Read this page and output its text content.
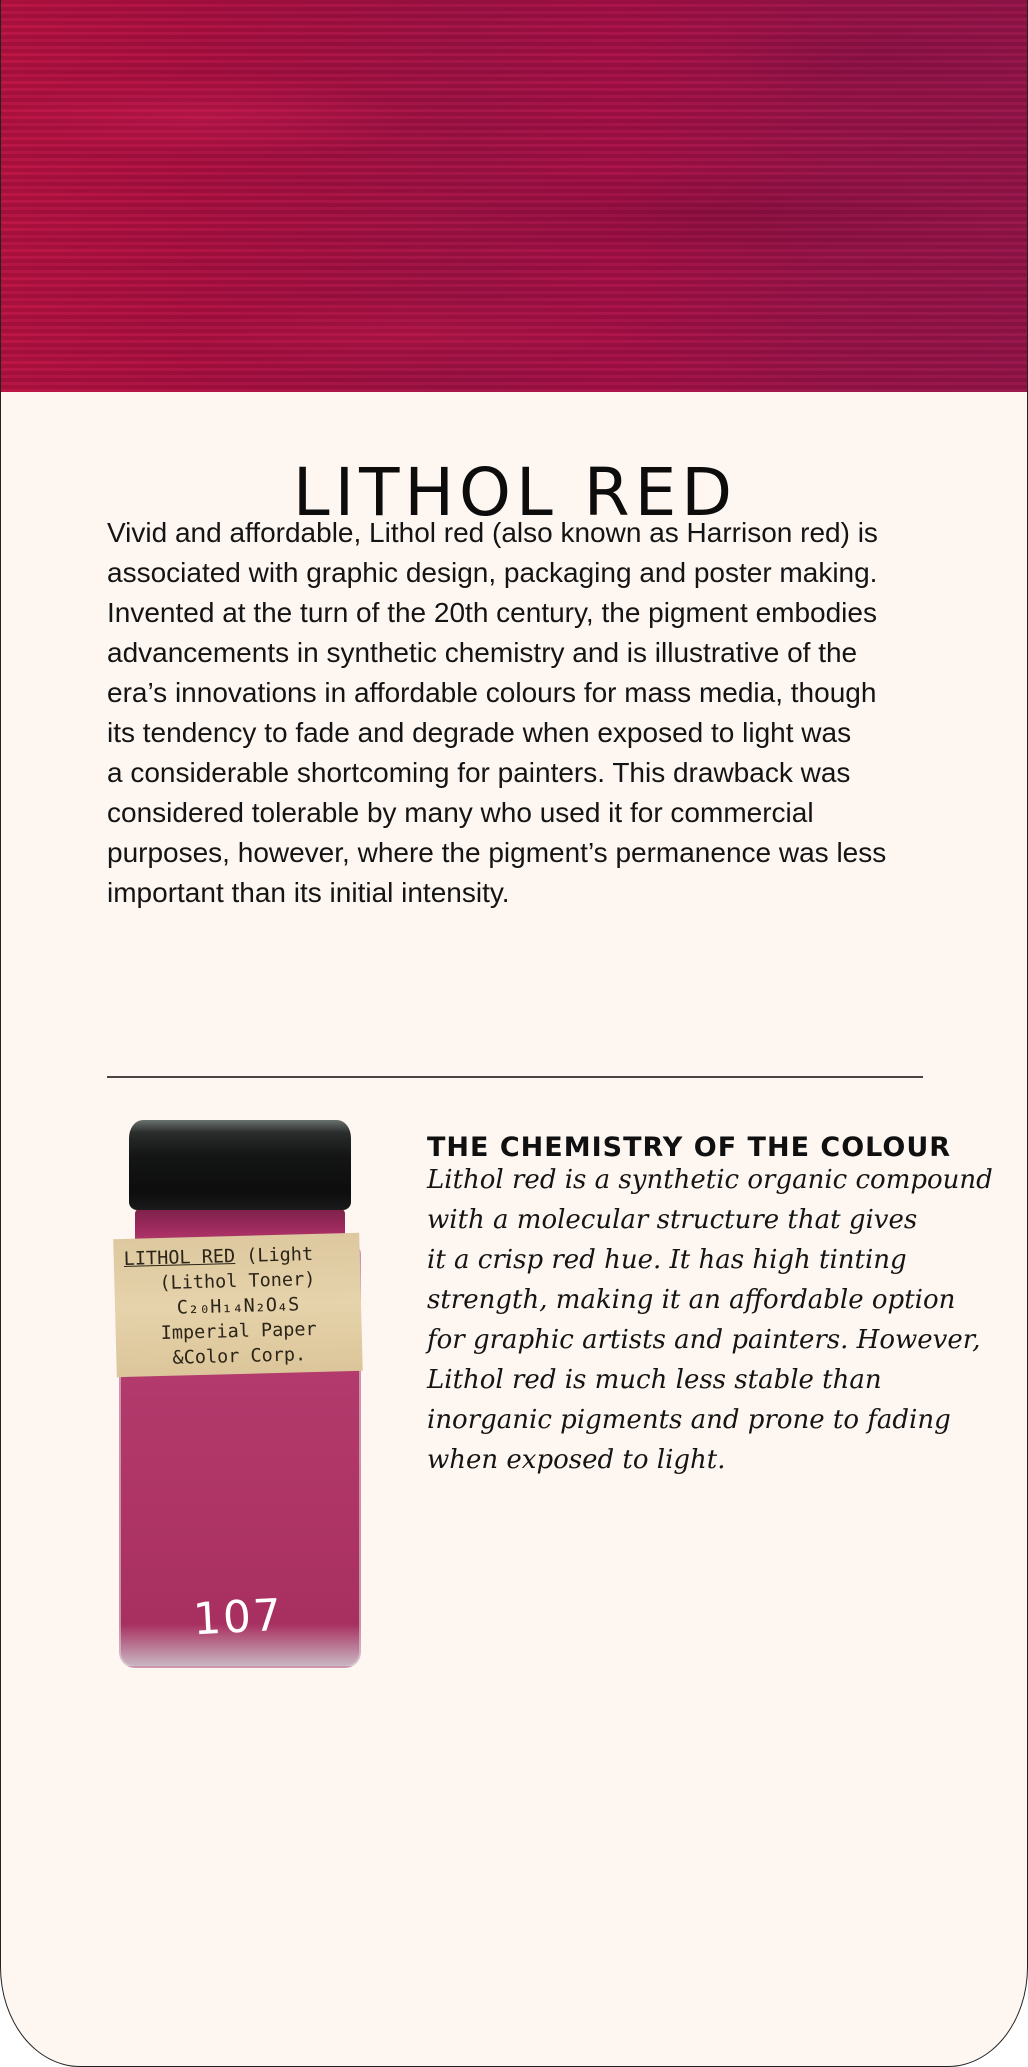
LITHOL RED

Vivid and affordable, Lithol red (also known as Harrison red) is
associated with graphic design, packaging and poster making.
Invented at the turn of the 20th century, the pigment embodies
advancements in synthetic chemistry and is illustrative of the
era’s innovations in affordable colours for mass media, though
its tendency to fade and degrade when exposed to light was
a considerable shortcoming for painters. This drawback was
considered tolerable by many who used it for commercial
purposes, however, where the pigment’s permanence was less
important than its initial intensity.

LITHOL RED (Light
(Lithol Toner)
C₂₀H₁₄N₂O₄S
Imperial Paper
&Color Corp.
107
THE CHEMISTRY OF THE COLOUR

Lithol red is a synthetic organic compound
with a molecular structure that gives
it a crisp red hue. It has high tinting
strength, making it an affordable option
for graphic artists and painters. However,
Lithol red is much less stable than
inorganic pigments and prone to fading
when exposed to light.
